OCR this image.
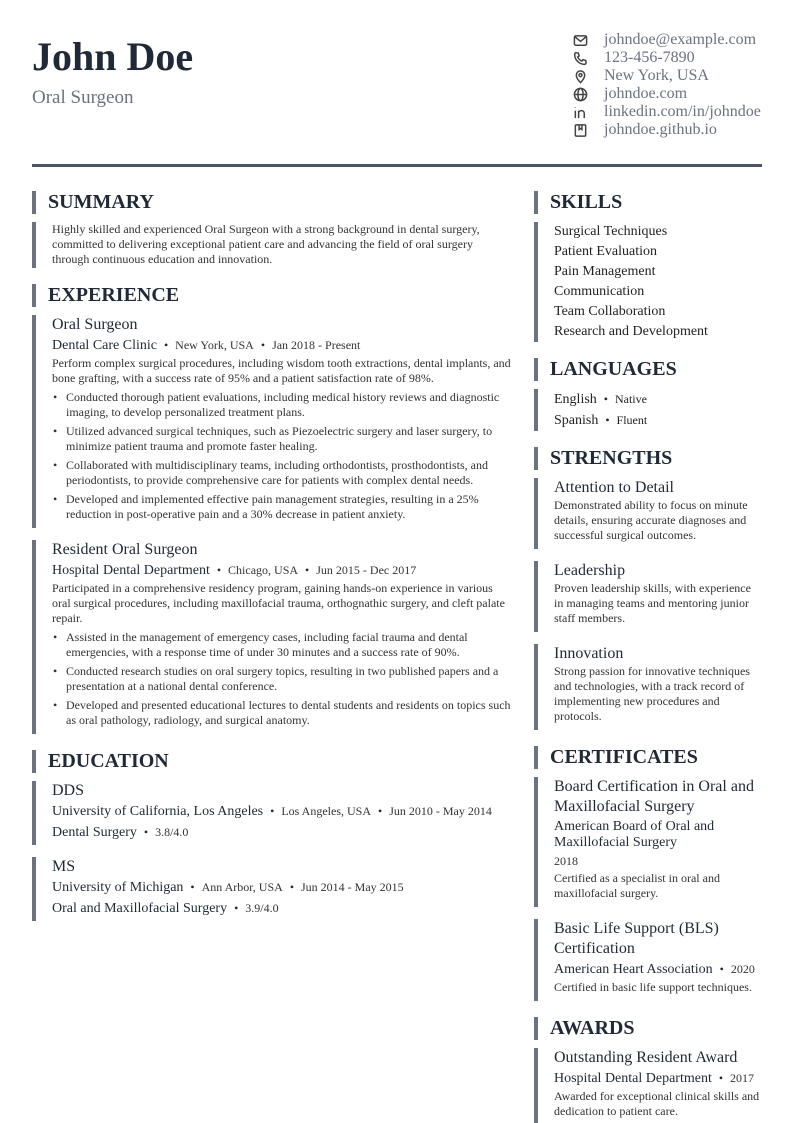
John Doe
Oral Surgeon
johndoe@example.com
123-456-7890
New York, USA
johndoe.com
linkedin.com/in/johndoe
johndoe.github.io
SUMMARY
Highly skilled and experienced Oral Surgeon with a strong background in dental surgery, committed to delivering exceptional patient care and advancing the field of oral surgery through continuous education and innovation.
EXPERIENCE
Oral Surgeon
Dental Care Clinic • New York, USA • Jan 2018 - Present
Perform complex surgical procedures, including wisdom tooth extractions, dental implants, and bone grafting, with a success rate of 95% and a patient satisfaction rate of 98%.
• Conducted thorough patient evaluations, including medical history reviews and diagnostic imaging, to develop personalized treatment plans.
• Utilized advanced surgical techniques, such as Piezoelectric surgery and laser surgery, to minimize patient trauma and promote faster healing.
• Collaborated with multidisciplinary teams, including orthodontists, prosthodontists, and periodontists, to provide comprehensive care for patients with complex dental needs.
• Developed and implemented effective pain management strategies, resulting in a 25% reduction in post-operative pain and a 30% decrease in patient anxiety.
Resident Oral Surgeon
Hospital Dental Department • Chicago, USA • Jun 2015 - Dec 2017
Participated in a comprehensive residency program, gaining hands-on experience in various oral surgical procedures, including maxillofacial trauma, orthognathic surgery, and cleft palate repair.
• Assisted in the management of emergency cases, including facial trauma and dental emergencies, with a response time of under 30 minutes and a success rate of 90%.
• Conducted research studies on oral surgery topics, resulting in two published papers and a presentation at a national dental conference.
• Developed and presented educational lectures to dental students and residents on topics such as oral pathology, radiology, and surgical anatomy.
EDUCATION
DDS
University of California, Los Angeles • Los Angeles, USA • Jun 2010 - May 2014
Dental Surgery • 3.8/4.0
MS
University of Michigan • Ann Arbor, USA • Jun 2014 - May 2015
Oral and Maxillofacial Surgery • 3.9/4.0
SKILLS
Surgical Techniques
Patient Evaluation
Pain Management
Communication
Team Collaboration
Research and Development
LANGUAGES
English • Native
Spanish • Fluent
STRENGTHS
Attention to Detail
Demonstrated ability to focus on minute details, ensuring accurate diagnoses and successful surgical outcomes.
Leadership
Proven leadership skills, with experience in managing teams and mentoring junior staff members.
Innovation
Strong passion for innovative techniques and technologies, with a track record of implementing new procedures and protocols.
CERTIFICATES
Board Certification in Oral and Maxillofacial Surgery
American Board of Oral and Maxillofacial Surgery
2018
Certified as a specialist in oral and maxillofacial surgery.
Basic Life Support (BLS) Certification
American Heart Association • 2020
Certified in basic life support techniques.
AWARDS
Outstanding Resident Award
Hospital Dental Department • 2017
Awarded for exceptional clinical skills and dedication to patient care.
